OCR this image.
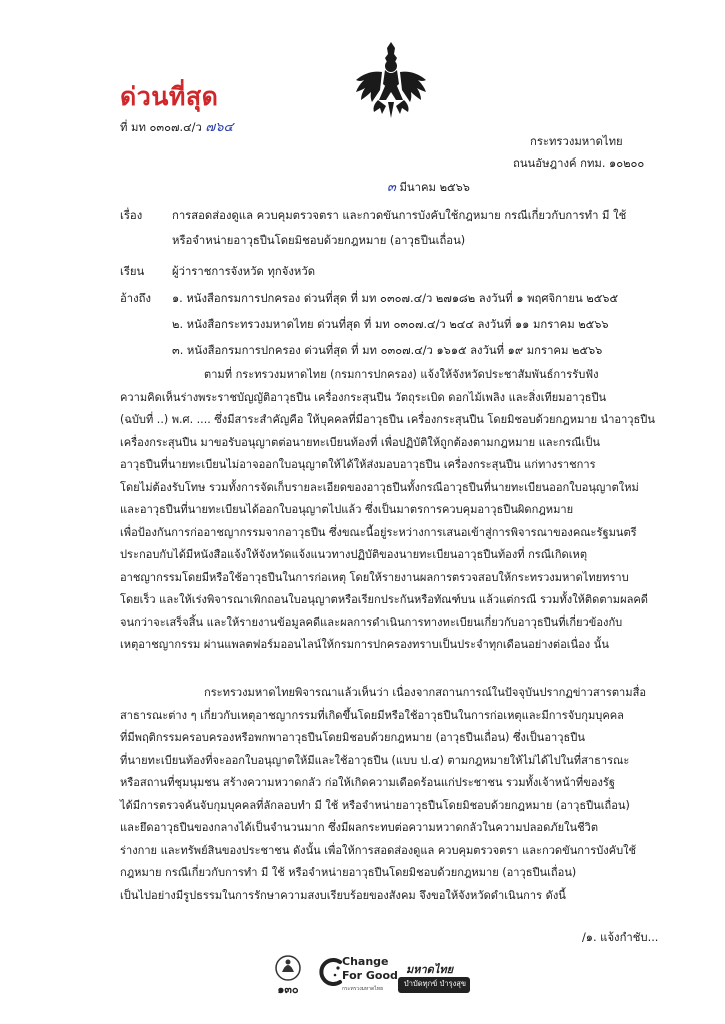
ด่วนที่สุด
ที่ มท ๐๓๐๗.๔/ว ๗๖๔
กระทรวงมหาดไทย
ถนนอัษฎางค์ กทม. ๑๐๒๐๐
๓ มีนาคม ๒๕๖๖
เรื่อง	การสอดส่องดูแล ควบคุมตรวจตรา และกวดขันการบังคับใช้กฎหมาย กรณีเกี่ยวกับการทำ มี ใช้
หรือจำหน่ายอาวุธปืนโดยมิชอบด้วยกฎหมาย (อาวุธปืนเถื่อน)
เรียน ผู้ว่าราชการจังหวัด ทุกจังหวัด
อ้างถึง ๑. หนังสือกรมการปกครอง ด่วนที่สุด ที่ มท ๐๓๐๗.๔/ว ๒๗๑๘๒ ลงวันที่ ๑ พฤศจิกายน ๒๕๖๕
๒. หนังสือกระทรวงมหาดไทย ด่วนที่สุด ที่ มท ๐๓๐๗.๔/ว ๒๔๔ ลงวันที่ ๑๑ มกราคม ๒๕๖๖
๓. หนังสือกรมการปกครอง ด่วนที่สุด ที่ มท ๐๓๐๗.๔/ว ๑๖๑๕ ลงวันที่ ๑๙ มกราคม ๒๕๖๖
ตามที่ กระทรวงมหาดไทย (กรมการปกครอง) แจ้งให้จังหวัดประชาสัมพันธ์การรับฟัง
ความคิดเห็นร่างพระราชบัญญัติอาวุธปืน เครื่องกระสุนปืน วัตถุระเบิด ดอกไม้เพลิง และสิ่งเทียมอาวุธปืน
(ฉบับที่ ..) พ.ศ. .... ซึ่งมีสาระสำคัญคือ ให้บุคคลที่มีอาวุธปืน เครื่องกระสุนปืน โดยมิชอบด้วยกฎหมาย นำอาวุธปืน
เครื่องกระสุนปืน มาขอรับอนุญาตต่อนายทะเบียนท้องที่ เพื่อปฏิบัติให้ถูกต้องตามกฎหมาย และกรณีเป็น
อาวุธปืนที่นายทะเบียนไม่อาจออกใบอนุญาตให้ได้ให้ส่งมอบอาวุธปืน เครื่องกระสุนปืน แก่ทางราชการ
โดยไม่ต้องรับโทษ รวมทั้งการจัดเก็บรายละเอียดของอาวุธปืนทั้งกรณีอาวุธปืนที่นายทะเบียนออกใบอนุญาตใหม่
และอาวุธปืนที่นายทะเบียนได้ออกใบอนุญาตไปแล้ว ซึ่งเป็นมาตรการควบคุมอาวุธปืนผิดกฎหมาย
เพื่อป้องกันการก่ออาชญากรรมจากอาวุธปืน ซึ่งขณะนี้อยู่ระหว่างการเสนอเข้าสู่การพิจารณาของคณะรัฐมนตรี
ประกอบกับได้มีหนังสือแจ้งให้จังหวัดแจ้งแนวทางปฏิบัติของนายทะเบียนอาวุธปืนท้องที่ กรณีเกิดเหตุ
อาชญากรรมโดยมีหรือใช้อาวุธปืนในการก่อเหตุ โดยให้รายงานผลการตรวจสอบให้กระทรวงมหาดไทยทราบ
โดยเร็ว และให้เร่งพิจารณาเพิกถอนใบอนุญาตหรือเรียกประกันหรือทัณฑ์บน แล้วแต่กรณี รวมทั้งให้ติดตามผลคดี
จนกว่าจะเสร็จสิ้น และให้รายงานข้อมูลคดีและผลการดำเนินการทางทะเบียนเกี่ยวกับอาวุธปืนที่เกี่ยวข้องกับ
เหตุอาชญากรรม ผ่านแพลตฟอร์มออนไลน์ให้กรมการปกครองทราบเป็นประจำทุกเดือนอย่างต่อเนื่อง นั้น
กระทรวงมหาดไทยพิจารณาแล้วเห็นว่า เนื่องจากสถานการณ์ในปัจจุบันปรากฏข่าวสารตามสื่อ
สาธารณะต่าง ๆ เกี่ยวกับเหตุอาชญากรรมที่เกิดขึ้นโดยมีหรือใช้อาวุธปืนในการก่อเหตุและมีการจับกุมบุคคล
ที่มีพฤติกรรมครอบครองหรือพกพาอาวุธปืนโดยมิชอบด้วยกฎหมาย (อาวุธปืนเถื่อน) ซึ่งเป็นอาวุธปืน
ที่นายทะเบียนท้องที่จะออกใบอนุญาตให้มีและใช้อาวุธปืน (แบบ ป.๔) ตามกฎหมายให้ไม่ได้ไปในที่สาธารณะ
หรือสถานที่ชุมนุมชน สร้างความหวาดกลัว ก่อให้เกิดความเดือดร้อนแก่ประชาชน รวมทั้งเจ้าหน้าที่ของรัฐ
ได้มีการตรวจค้นจับกุมบุคคลที่ลักลอบทำ มี ใช้ หรือจำหน่ายอาวุธปืนโดยมิชอบด้วยกฎหมาย (อาวุธปืนเถื่อน)
และยึดอาวุธปืนของกลางได้เป็นจำนวนมาก ซึ่งมีผลกระทบต่อความหวาดกลัวในความปลอดภัยในชีวิต
ร่างกาย และทรัพย์สินของประชาชน ดังนั้น เพื่อให้การสอดส่องดูแล ควบคุมตรวจตรา และกวดขันการบังคับใช้
กฎหมาย กรณีเกี่ยวกับการทำ มี ใช้ หรือจำหน่ายอาวุธปืนโดยมิชอบด้วยกฎหมาย (อาวุธปืนเถื่อน)
เป็นไปอย่างมีรูปธรรมในการรักษาความสงบเรียบร้อยของสังคม จึงขอให้จังหวัดดำเนินการ ดังนี้
/๑. แจ้งกำชับ...
๑๓๐
Change
For Good
กระทรวงมหาดไทย
มหาดไทย
บำบัดทุกข์ บำรุงสุข
